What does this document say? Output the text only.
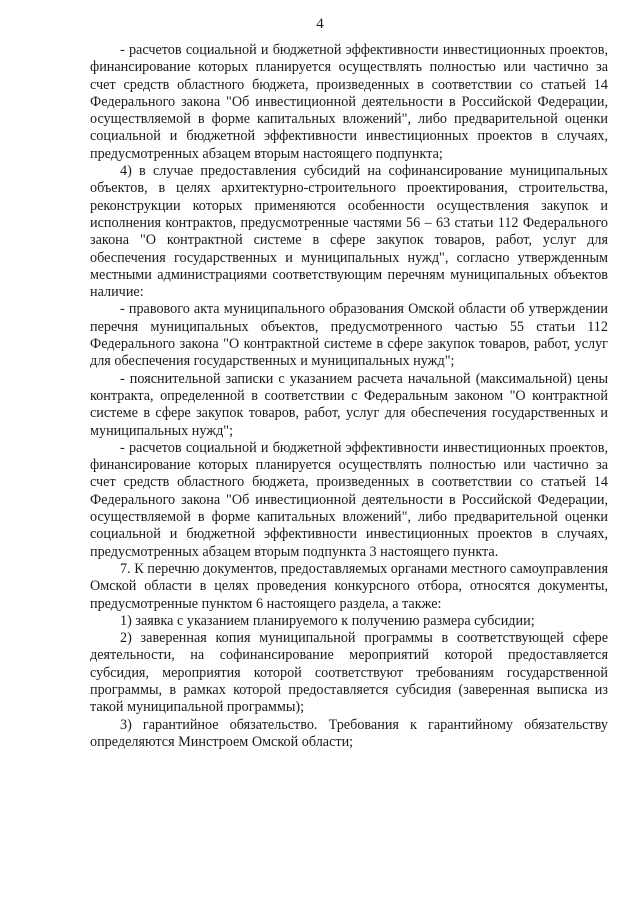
4

- расчетов социальной и бюджетной эффективности инвестиционных проектов, финансирование которых планируется осуществлять полностью или частично за счет средств областного бюджета, произведенных в соответствии со статьей 14 Федерального закона "Об инвестиционной деятельности в Российской Федерации, осуществляемой в форме капитальных вложений", либо предварительной оценки социальной и бюджетной эффективности инвестиционных проектов в случаях, предусмотренных абзацем вторым настоящего подпункта;

4) в случае предоставления субсидий на софинансирование муниципальных объектов, в целях архитектурно-строительного проектирования, строительства, реконструкции которых применяются особенности осуществления закупок и исполнения контрактов, предусмотренные частями 56 – 63 статьи 112 Федерального закона "О контрактной системе в сфере закупок товаров, работ, услуг для обеспечения государственных и муниципальных нужд", согласно утвержденным местными администрациями соответствующим перечням муниципальных объектов наличие:

- правового акта муниципального образования Омской области об утверждении перечня муниципальных объектов, предусмотренного частью 55 статьи 112 Федерального закона "О контрактной системе в сфере закупок товаров, работ, услуг для обеспечения государственных и муниципальных нужд";

- пояснительной записки с указанием расчета начальной (максимальной) цены контракта, определенной в соответствии с Федеральным законом "О контрактной системе в сфере закупок товаров, работ, услуг для обеспечения государственных и муниципальных нужд";

- расчетов социальной и бюджетной эффективности инвестиционных проектов, финансирование которых планируется осуществлять полностью или частично за счет средств областного бюджета, произведенных в соответствии со статьей 14 Федерального закона "Об инвестиционной деятельности в Российской Федерации, осуществляемой в форме капитальных вложений", либо предварительной оценки социальной и бюджетной эффективности инвестиционных проектов в случаях, предусмотренных абзацем вторым подпункта 3 настоящего пункта.

7. К перечню документов, предоставляемых органами местного самоуправления Омской области в целях проведения конкурсного отбора, относятся документы, предусмотренные пунктом 6 настоящего раздела, а также:

1) заявка с указанием планируемого к получению размера субсидии;

2) заверенная копия муниципальной программы в соответствующей сфере деятельности, на софинансирование мероприятий которой предоставляется субсидия, мероприятия которой соответствуют требованиям государственной программы, в рамках которой предоставляется субсидия (заверенная выписка из такой муниципальной программы);

3) гарантийное обязательство. Требования к гарантийному обязательству определяются Минстроем Омской области;
